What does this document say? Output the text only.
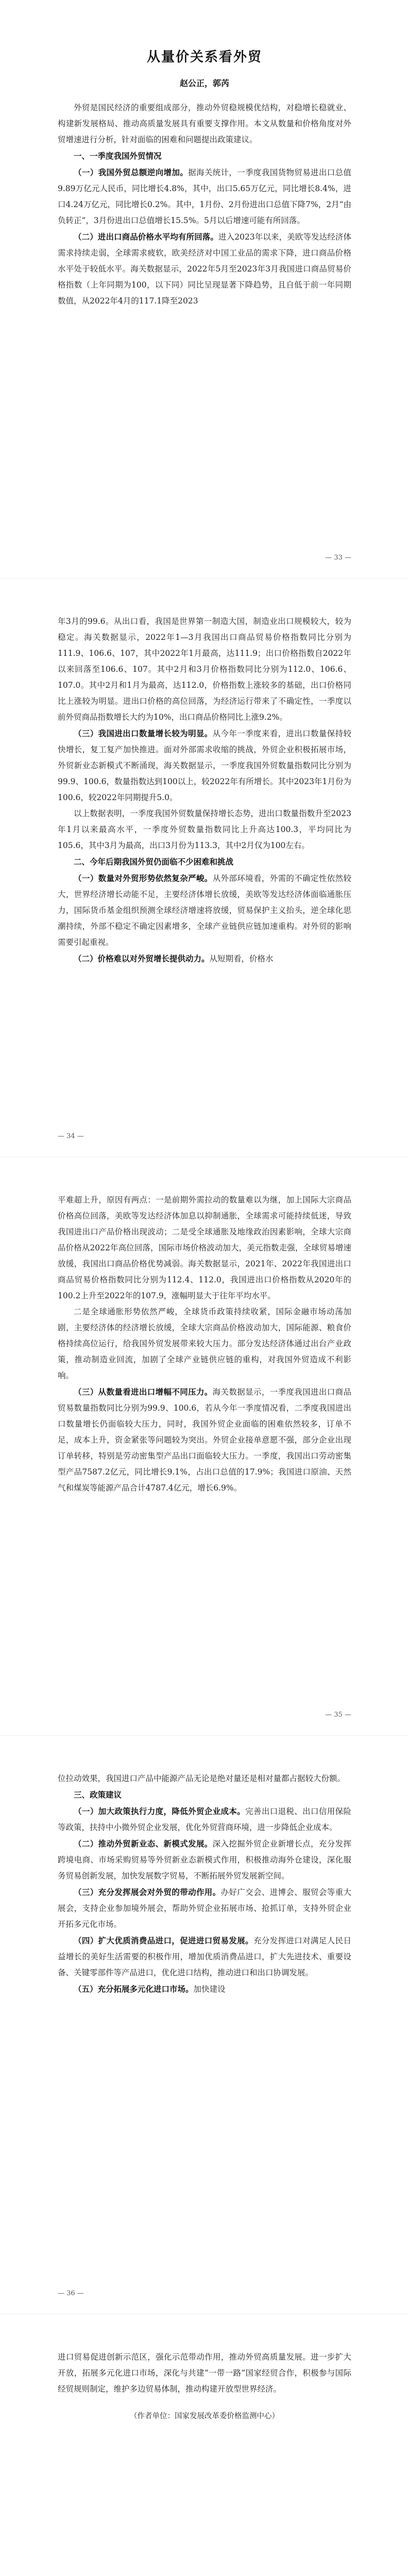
从量价关系看外贸
赵公正，郭芮

外贸是国民经济的重要组成部分，推动外贸稳规模优结构，对稳增长稳就业、构建新发展格局、推动高质量发展具有重要支撑作用。本文从数量和价格角度对外贸增速进行分析，针对面临的困难和问题提出政策建议。

一、一季度我国外贸情况

（一）我国外贸总额逆向增加。据海关统计，一季度我国货物贸易进出口总值9.89万亿元人民币，同比增长4.8%，其中，出口5.65万亿元，同比增长8.4%，进口4.24万亿元，同比增长0.2%。其中，1月份、2月份进出口总值下降7%，2月“由负转正”，3月份进出口总值增长15.5%。5月以后增速可能有所回落。

（二）进出口商品价格水平均有所回落。进入2023年以来，美欧等发达经济体需求持续走弱，全球需求疲软，欧美经济对中国工业品的需求下降，进口商品价格水平处于较低水平。海关数据显示，2022年5月至2023年3月我国进口商品贸易价格指数（上年同期为100，以下同）同比呈现显著下降趋势，且自低于前一年同期数值，从2022年4月的117.1降至2023

— 33 —

年3月的99.6。从出口看，我国是世界第一制造大国，制造业出口规模较大，较为稳定。海关数据显示，2022年1—3月我国出口商品贸易价格指数同比分别为111.9、106.6、107，其中2022年1月最高，达111.9；出口价格指数自2022年以来回落至106.6、107。其中2月和3月价格指数同比分别为112.0、106.6、107.0。其中2月和1月为最高，达112.0，价格指数上涨较多的基础，出口价格同比上涨较为明显。进出口价格的高位回落，为经济运行带来了不确定性，一季度以前外贸商品指数增长大约为10%，出口商品价格同比上涨9.2%。

（三）我国进出口数量增长较为明显。从今年一季度来看，进出口数量保持较快增长，复工复产加快推进。面对外部需求收缩的挑战，外贸企业积极拓展市场，外贸新业态新模式不断涌现，海关数据显示，一季度我国外贸数量指数同比分别为99.9、100.6，数量指数达到100以上，较2022年有所增长。其中2023年1月份为100.6，较2022年同期提升5.0。

以上数据表明，一季度我国外贸数量保持增长态势，进出口数量指数升至2023年1月以来最高水平，一季度外贸数量指数同比上升高达100.3，平均同比为105.6，其中3月为最高，出口3月份为113.3，其中2月仅为100左右。

二、今年后期我国外贸仍面临不少困难和挑战

（一）数量对外贸形势依然复杂严峻。从外部环境看，外需的不确定性依然较大，世界经济增长动能不足，主要经济体增长放缓，美欧等发达经济体面临通胀压力，国际货币基金组织预测全球经济增速将放缓，贸易保护主义抬头，逆全球化思潮持续，外部不稳定不确定因素增多，全球产业链供应链加速重构。对外贸的影响需要引起重视。

（二）价格难以对外贸增长提供动力。从短期看，价格水

— 34 —

平难超上升，原因有两点：一是前期外需拉动的数量难以为继，加上国际大宗商品价格高位回落，美欧等发达经济体加息以抑制通胀，全球需求可能持续低迷，导致我国进出口产品价格出现波动；二是受全球通胀及地缘政治因素影响，全球大宗商品价格从2022年高位回落，国际市场价格波动加大，美元指数走强，全球贸易增速放缓，我国出口商品价格优势减弱。海关数据显示，2021年、2022年我国进出口商品贸易价格指数同比分别为112.4、112.0，我国进出口价格指数从2020年的100.2上升至2022年的107.9，涨幅明显大于往年平均水平。

二是全球通胀形势依然严峻，全球货币政策持续收紧，国际金融市场动荡加剧，主要经济体的经济增长放缓，全球大宗商品价格波动加大，国际能源、粮食价格持续高位运行，给我国外贸发展带来较大压力。部分发达经济体通过出台产业政策，推动制造业回流，加剧了全球产业链供应链的重构，对我国外贸造成不利影响。

（三）从数量看进出口增幅不同压力。海关数据显示，一季度我国进出口商品贸易数量指数同比分别为99.9、100.6，若从今年一季度情况看，二季度我国进出口数量增长仍面临较大压力，同时，我国外贸企业面临的困难依然较多，订单不足，成本上升，资金紧张等问题较为突出。外贸企业接单意愿不强，部分企业出现订单转移，特别是劳动密集型产品出口面临较大压力。一季度，我国出口劳动密集型产品7587.2亿元，同比增长9.1%，占出口总值的17.9%；我国进口原油、天然气和煤炭等能源产品合计4787.4亿元，增长6.9%。

— 35 —

位拉动效果，我国进口产品中能源产品无论是绝对量还是相对量都占据较大份额。

三、政策建议

（一）加大政策执行力度，降低外贸企业成本。完善出口退税、出口信用保险等政策，扶持中小微外贸企业发展，优化外贸营商环境，进一步降低企业成本。

（二）推动外贸新业态、新模式发展。深入挖掘外贸企业新增长点，充分发挥跨境电商、市场采购贸易等外贸新业态新模式作用，积极推动海外仓建设，深化服务贸易创新发展，加快发展数字贸易，不断拓展外贸发展新空间。

（三）充分发挥展会对外贸的带动作用。办好广交会、进博会、服贸会等重大展会，支持企业参加境外展会，帮助外贸企业拓展市场、抢抓订单，支持外贸企业开拓多元化市场。

（四）扩大优质消费品进口，促进进口贸易发展。充分发挥进口对满足人民日益增长的美好生活需要的积极作用，增加优质消费品进口，扩大先进技术、重要设备、关键零部件等产品进口，优化进口结构，推动进口和出口协调发展。

（五）充分拓展多元化进口市场。加快建设

— 36 —

进口贸易促进创新示范区，强化示范带动作用，推动外贸高质量发展。进一步扩大开放，拓展多元化进口市场，深化与共建“一带一路”国家经贸合作，积极参与国际经贸规则制定，维护多边贸易体制，推动构建开放型世界经济。

（作者单位：国家发展改革委价格监测中心）
